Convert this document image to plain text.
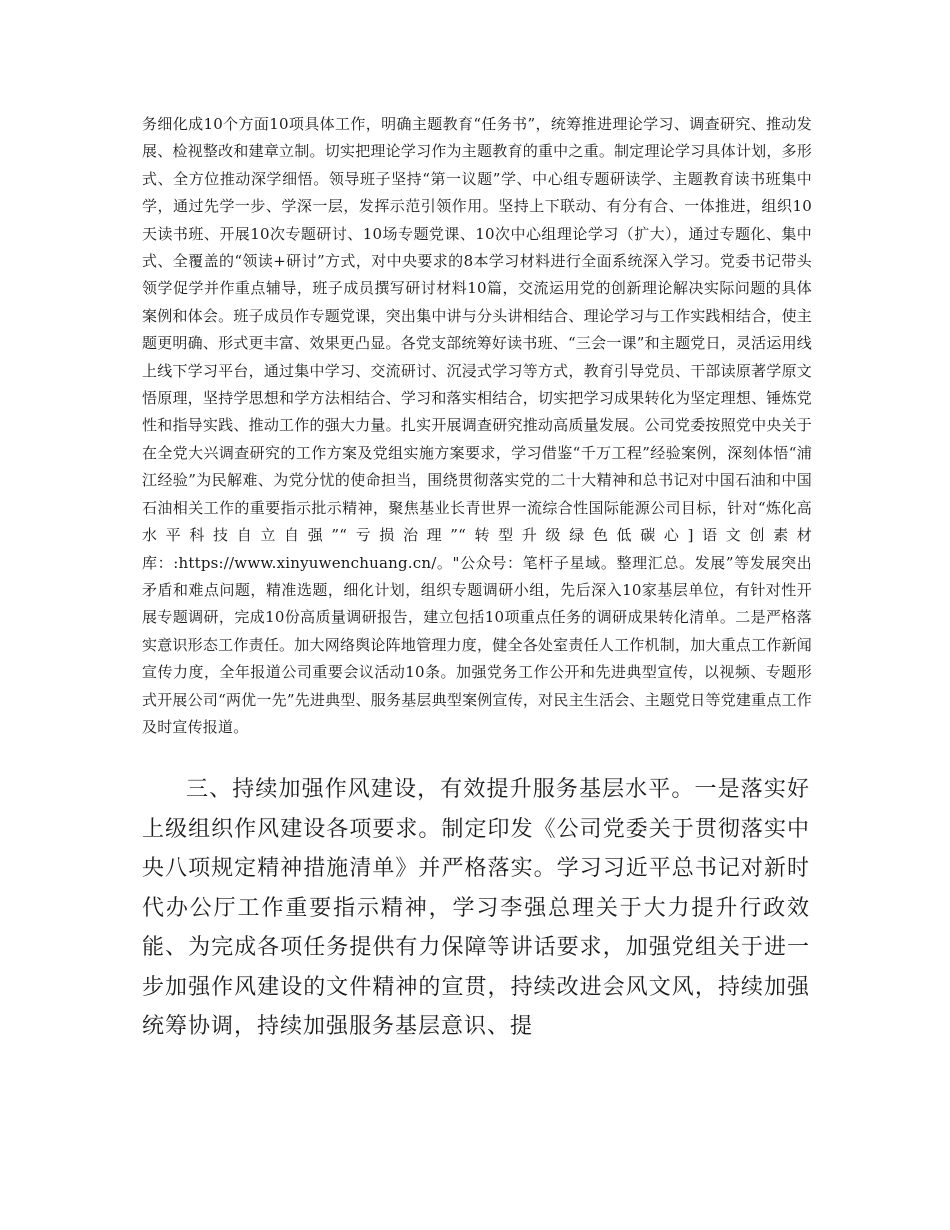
务细化成10个方面10项具体工作，明确主题教育“任务书”，统筹推进理论学习、调查研究、推动发展、检视整改和建章立制。切实把理论学习作为主题教育的重中之重。制定理论学习具体计划，多形式、全方位推动深学细悟。领导班子坚持“第一议题”学、中心组专题研读学、主题教育读书班集中学，通过先学一步、学深一层，发挥示范引领作用。坚持上下联动、有分有合、一体推进，组织10天读书班、开展10次专题研讨、10场专题党课、10次中心组理论学习（扩大），通过专题化、集中式、全覆盖的“领读+研讨”方式，对中央要求的8本学习材料进行全面系统深入学习。党委书记带头领学促学并作重点辅导，班子成员撰写研讨材料10篇，交流运用党的创新理论解决实际问题的具体案例和体会。班子成员作专题党课，突出集中讲与分头讲相结合、理论学习与工作实践相结合，使主题更明确、形式更丰富、效果更凸显。各党支部统筹好读书班、“三会一课”和主题党日，灵活运用线上线下学习平台，通过集中学习、交流研讨、沉浸式学习等方式，教育引导党员、干部读原著学原文悟原理，坚持学思想和学方法相结合、学习和落实相结合，切实把学习成果转化为坚定理想、锤炼党性和指导实践、推动工作的强大力量。扎实开展调查研究推动高质量发展。公司党委按照党中央关于在全党大兴调查研究的工作方案及党组实施方案要求，学习借鉴“千万工程”经验案例，深刻体悟“浦江经验”为民解难、为党分忧的使命担当，围绕贯彻落实党的二十大精神和总书记对中国石油和中国石油相关工作的重要指示批示精神，聚焦基业长青世界一流综合性国际能源公司目标，针对“炼化高水平科技自立自强”“亏损治理”“转型升级绿色低碳心]语文创素材库：:https://www.xinyuwenchuang.cn/。"公众号：笔杆子星域。整理汇总。发展”等发展突出矛盾和难点问题，精准选题，细化计划，组织专题调研小组，先后深入10家基层单位，有针对性开展专题调研，完成10份高质量调研报告，建立包括10项重点任务的调研成果转化清单。二是严格落实意识形态工作责任。加大网络舆论阵地管理力度，健全各处室责任人工作机制，加大重点工作新闻宣传力度，全年报道公司重要会议活动10条。加强党务工作公开和先进典型宣传，以视频、专题形式开展公司“两优一先”先进典型、服务基层典型案例宣传，对民主生活会、主题党日等党建重点工作及时宣传报道。

三、持续加强作风建设，有效提升服务基层水平。一是落实好上级组织作风建设各项要求。制定印发《公司党委关于贯彻落实中央八项规定精神措施清单》并严格落实。学习习近平总书记对新时代办公厅工作重要指示精神，学习李强总理关于大力提升行政效能、为完成各项任务提供有力保障等讲话要求，加强党组关于进一步加强作风建设的文件精神的宣贯，持续改进会风文风，持续加强统筹协调，持续加强服务基层意识、提
